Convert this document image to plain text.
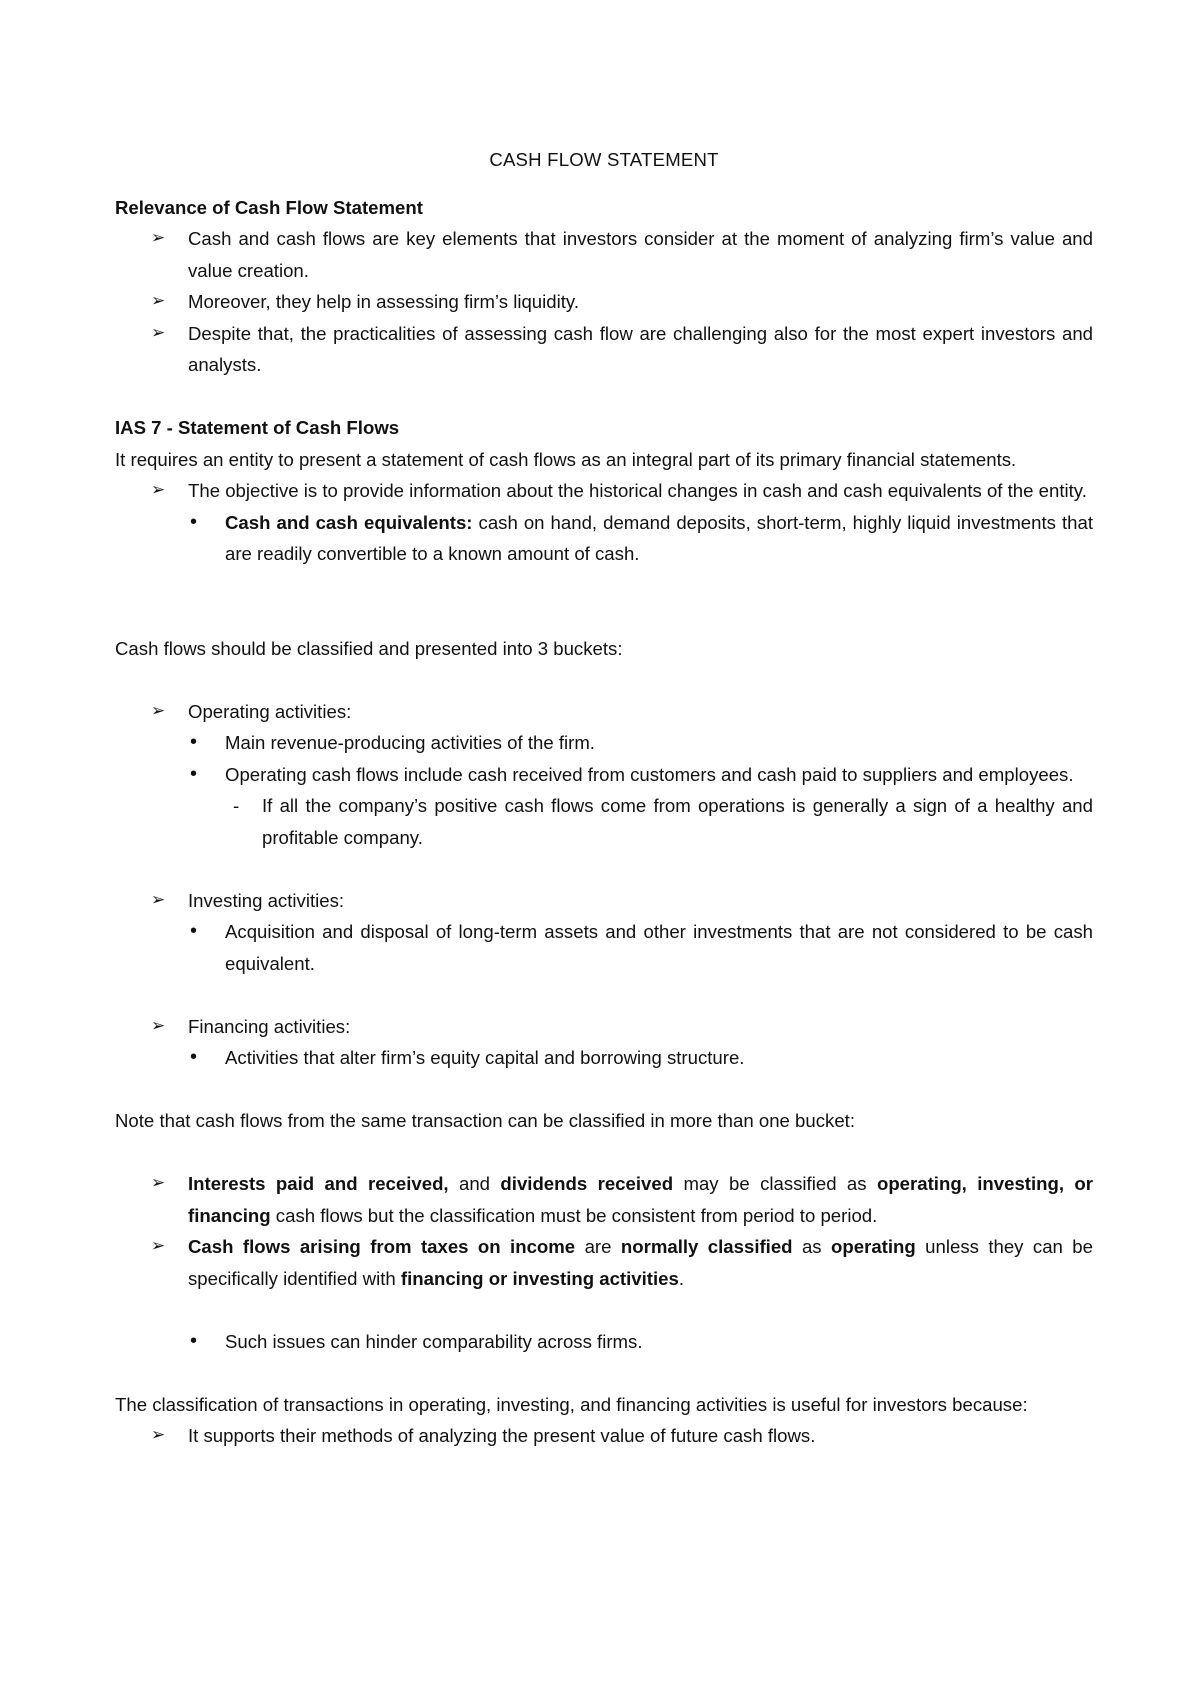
CASH FLOW STATEMENT

Relevance of Cash Flow Statement

➢ Cash and cash flows are key elements that investors consider at the moment of analyzing firm’s value and value creation.
➢ Moreover, they help in assessing firm’s liquidity.
➢ Despite that, the practicalities of assessing cash flow are challenging also for the most expert investors and analysts.

IAS 7 - Statement of Cash Flows

It requires an entity to present a statement of cash flows as an integral part of its primary financial statements.

➢ The objective is to provide information about the historical changes in cash and cash equivalents of the entity.
• Cash and cash equivalents: cash on hand, demand deposits, short-term, highly liquid investments that are readily convertible to a known amount of cash.

Cash flows should be classified and presented into 3 buckets:

➢ Operating activities:
• Main revenue-producing activities of the firm.
• Operating cash flows include cash received from customers and cash paid to suppliers and employees.
- If all the company’s positive cash flows come from operations is generally a sign of a healthy and profitable company.
➢ Investing activities:
• Acquisition and disposal of long-term assets and other investments that are not considered to be cash equivalent.
➢ Financing activities:
• Activities that alter firm’s equity capital and borrowing structure.

Note that cash flows from the same transaction can be classified in more than one bucket:

➢ Interests paid and received, and dividends received may be classified as operating, investing, or financing cash flows but the classification must be consistent from period to period.
➢ Cash flows arising from taxes on income are normally classified as operating unless they can be specifically identified with financing or investing activities.
• Such issues can hinder comparability across firms.

The classification of transactions in operating, investing, and financing activities is useful for investors because:

➢ It supports their methods of analyzing the present value of future cash flows.
